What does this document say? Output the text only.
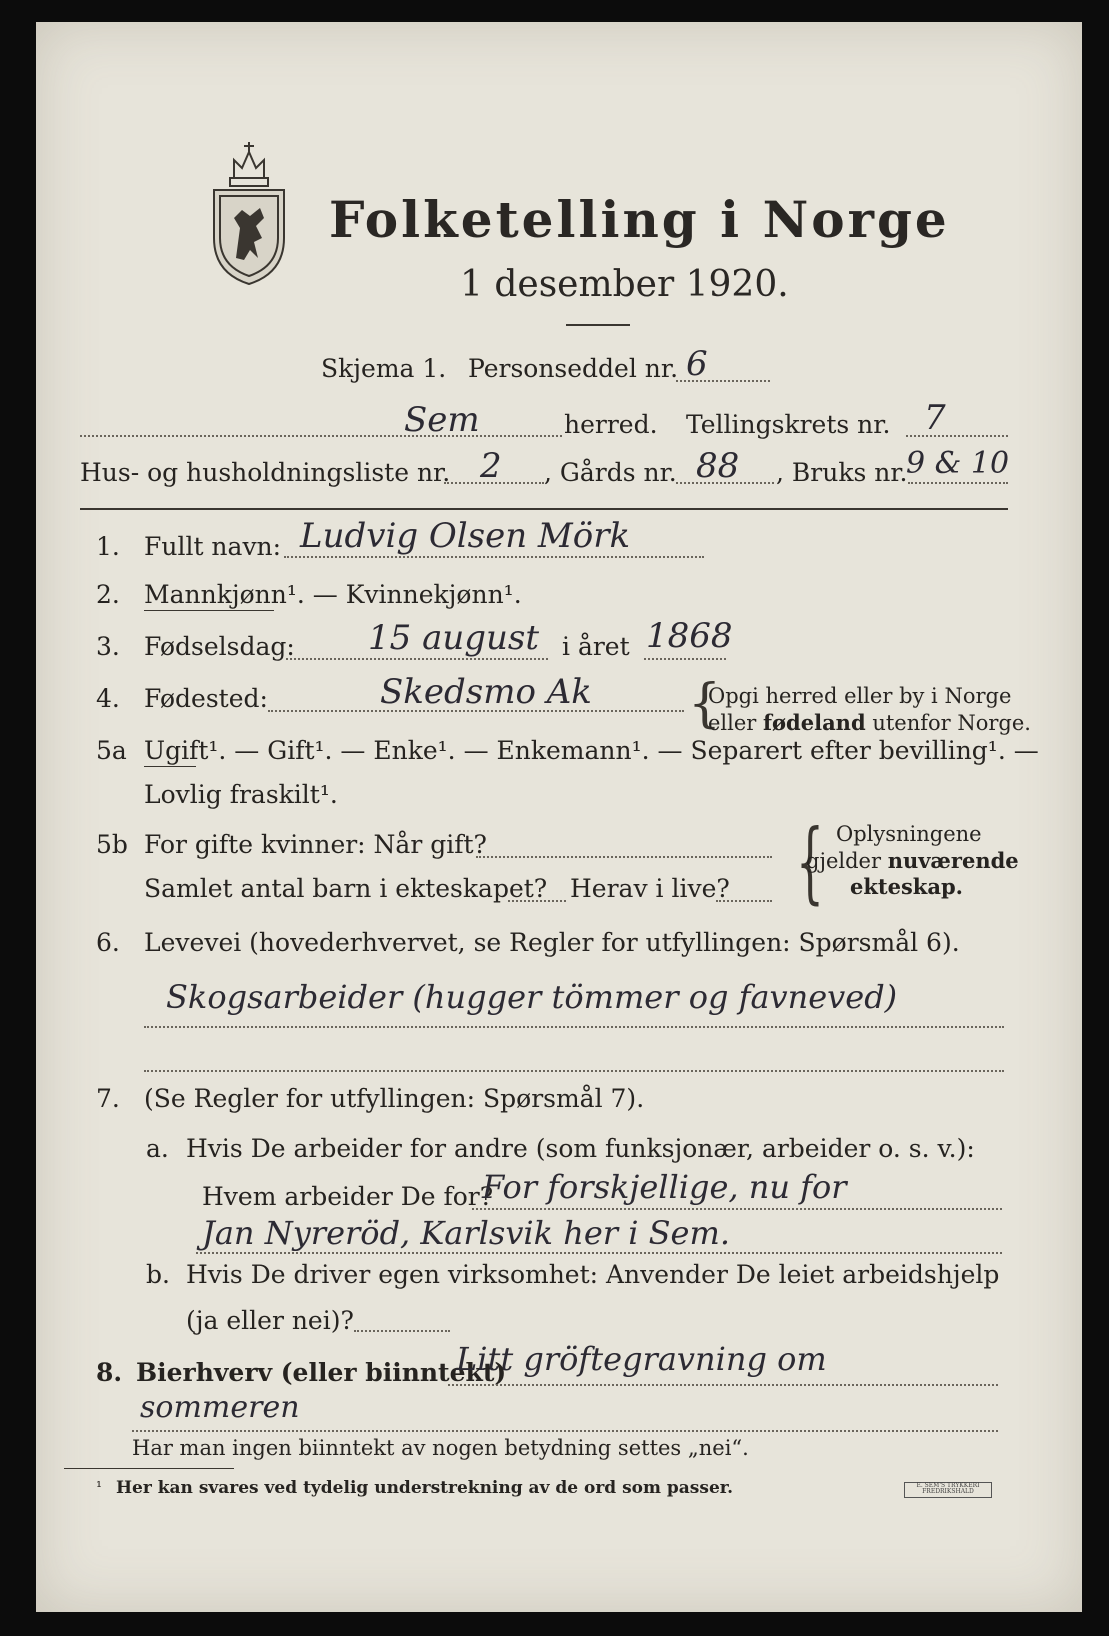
Folketelling i Norge
1 desember 1920.
Skjema 1. Personseddel nr. 6
Sem	herred. Tellingskrets nr. 7
Hus- og husholdningsliste nr. 2 , Gårds nr. 88 , Bruks nr.
9 & 10
1. Fullt navn: Ludvig Olsen Mörk
2. Mannkjønn¹. — Kvinnekjønn¹.
3. Fødselsdag: 15 august i året 1868
4. Fødested:	Skedsmo Ak {
Opgi herred eller by i Norge
eller fødeland utenfor Norge.
5a Ugift¹. — Gift¹. — Enke¹. — Enkemann¹. — Separert efter bevilling¹. —
Lovlig fraskilt¹.
5b For gifte kvinner: Når gift?
Samlet antal barn i ekteskapet? Herav i live? { Oplysningene
gjelder nuværende
ekteskap.
6. Levevei (hovederhvervet, se Regler for utfyllingen: Spørsmål 6).
Skogsarbeider (hugger tömmer og favneved)
7. (Se Regler for utfyllingen: Spørsmål 7).
a. Hvis De arbeider for andre (som funksjonær, arbeider o. s. v.):
Hvem arbeider De for?
For forskjellige, nu for
Jan Nyreröd, Karlsvik her i Sem.
b. Hvis De driver egen virksomhet: Anvender De leiet arbeidshjelp
(ja eller nei)?
8. Bierhverv (eller biinntekt)
Litt gröftegravning om
sommeren
Har man ingen biinntekt av nogen betydning settes „nei“.
¹ Her kan svares ved tydelig understrekning av de ord som passer.	E. SEM'S TRYKKERI FREDRIKSHALD
